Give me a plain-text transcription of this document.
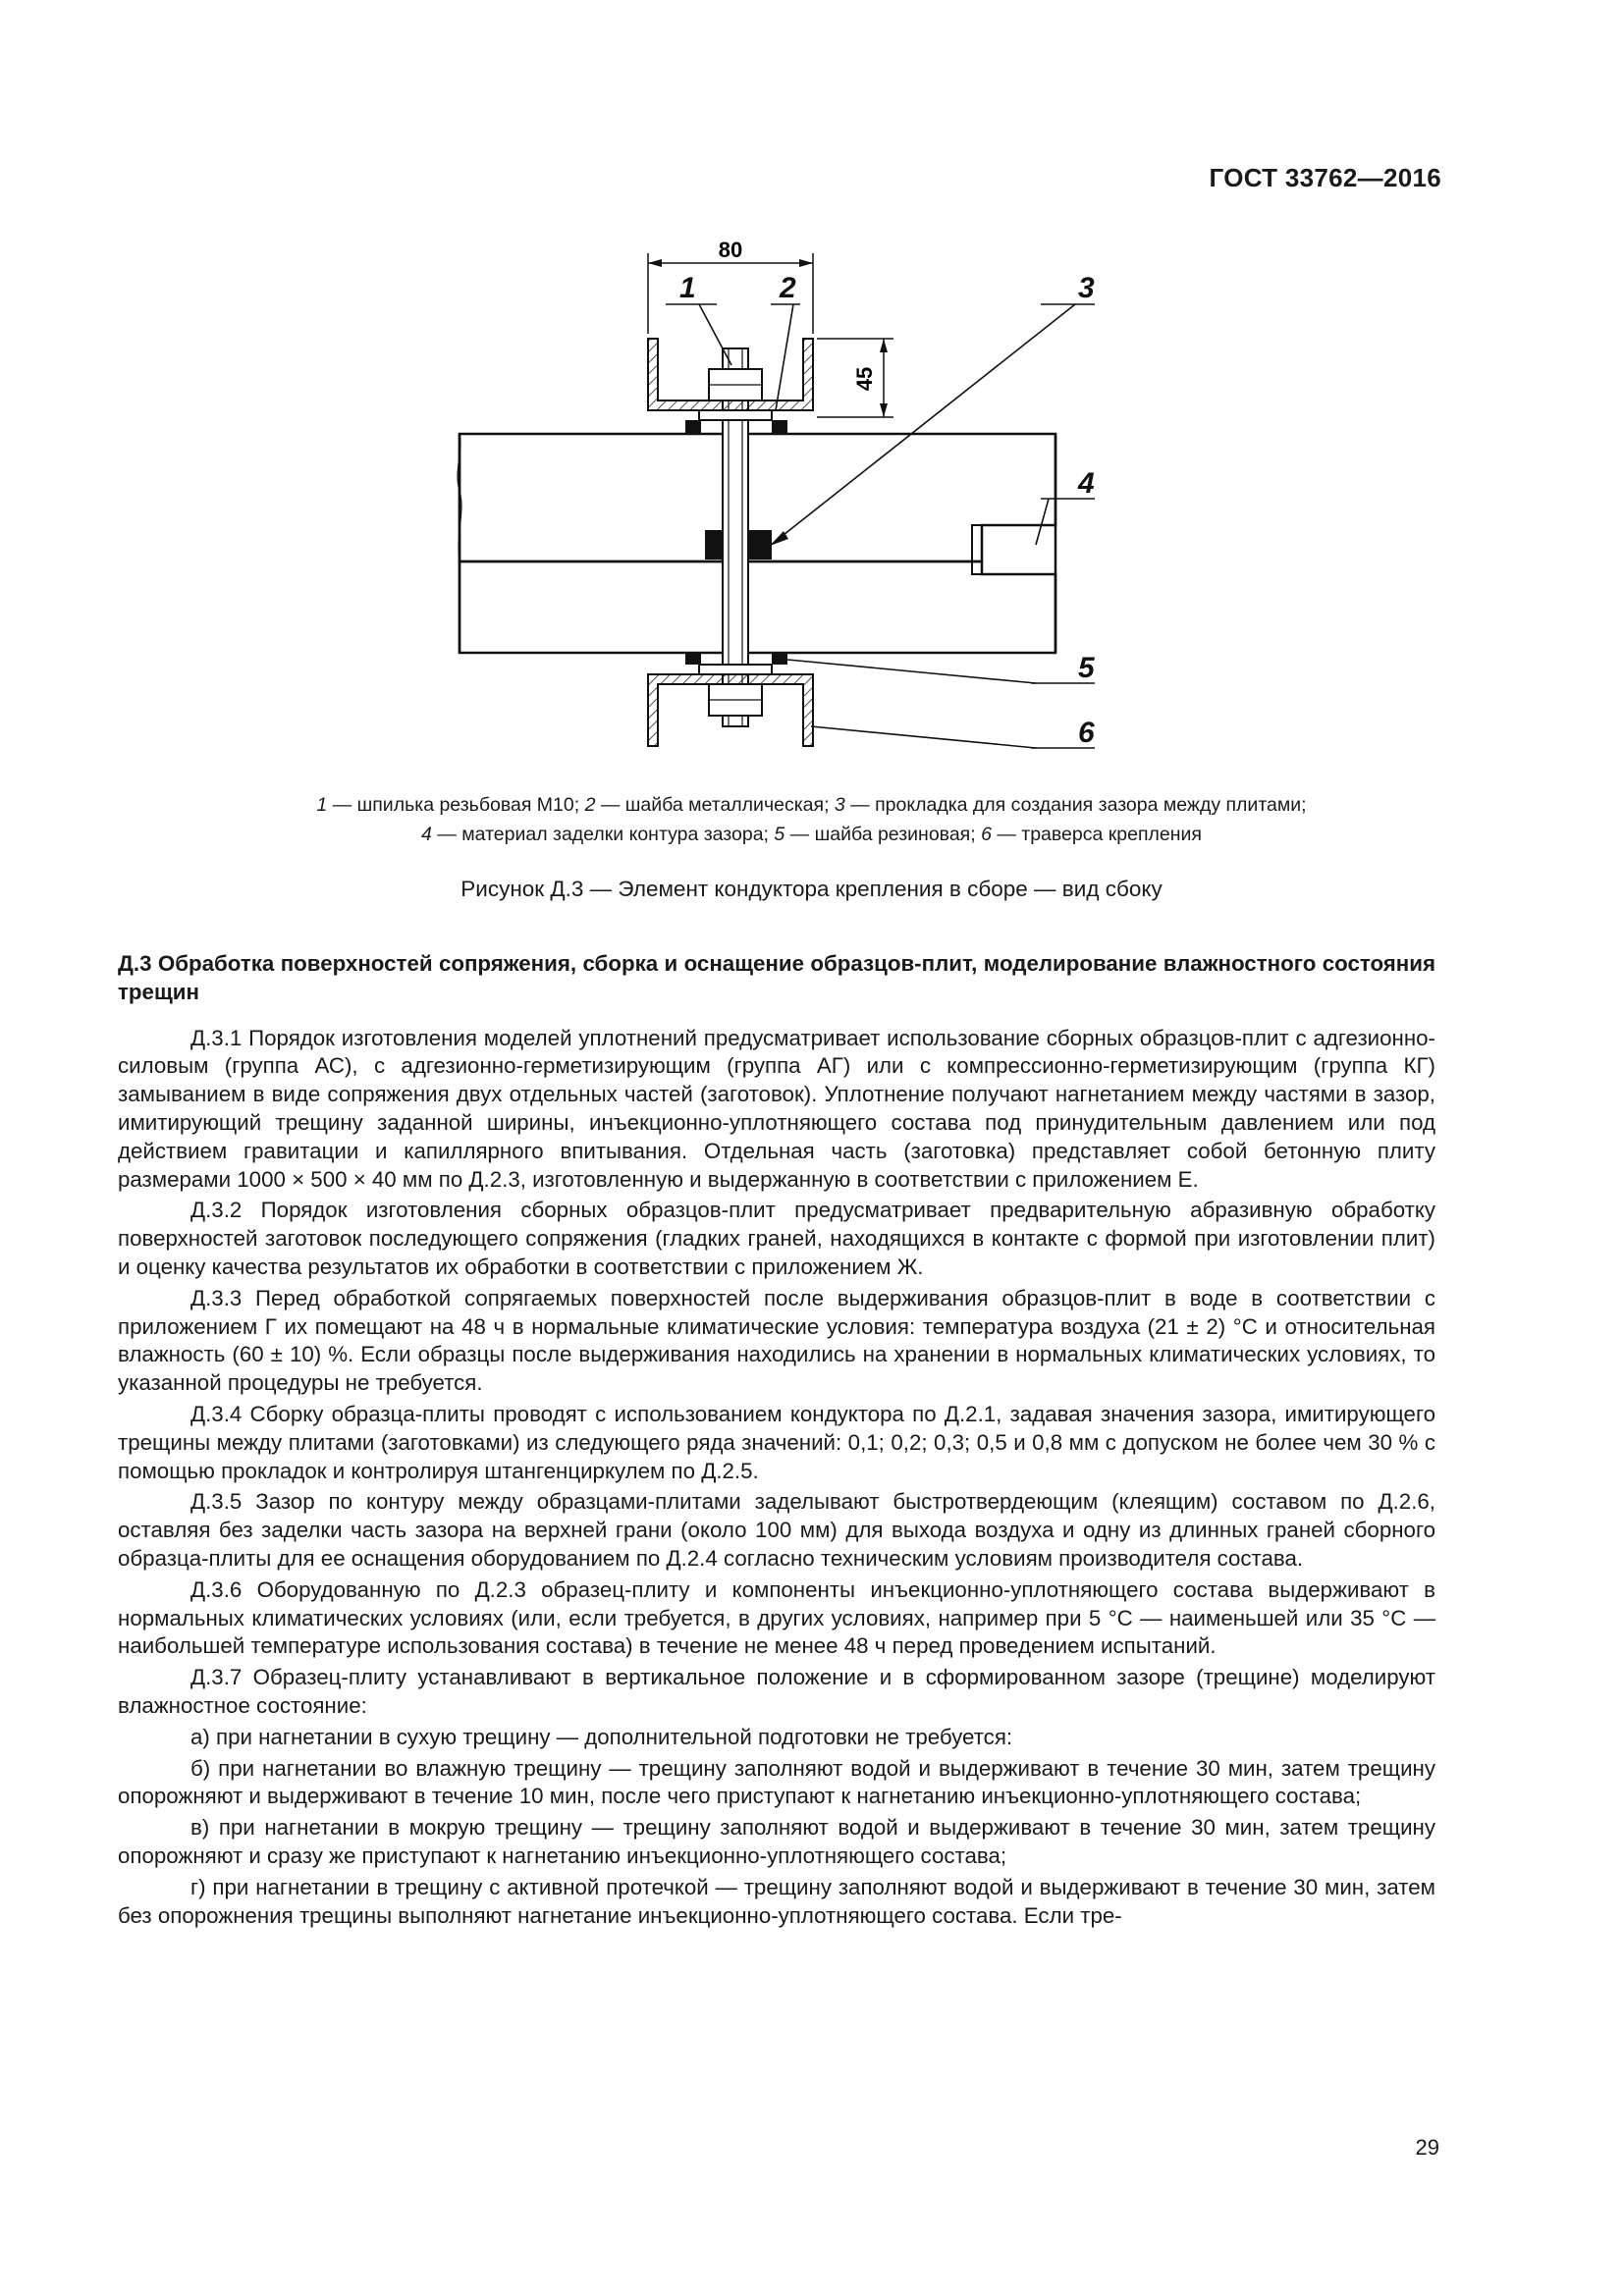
ГОСТ 33762—2016
80
45
1	2	3
4
5
6
1 — шпилька резьбовая М10; 2 — шайба металлическая; 3 — прокладка для создания зазора между плитами;
4 — материал заделки контура зазора; 5 — шайба резиновая; 6 — траверса крепления
Рисунок Д.3 — Элемент кондуктора крепления в сборе — вид сбоку

Д.3 Обработка поверхностей сопряжения, сборка и оснащение образцов-плит, моделирование влажностного состояния трещин

Д.3.1 Порядок изготовления моделей уплотнений предусматривает использование сборных образцов-плит с адгезионно-силовым (группа АС), с адгезионно-герметизирующим (группа АГ) или с компрессионно-герметизирующим (группа КГ) замыванием в виде сопряжения двух отдельных частей (заготовок). Уплотнение получают нагнетанием между частями в зазор, имитирующий трещину заданной ширины, инъекционно-уплотняющего состава под принудительным давлением или под действием гравитации и капиллярного впитывания. Отдельная часть (заготовка) представляет собой бетонную плиту размерами 1000 × 500 × 40 мм по Д.2.3, изготовленную и выдержанную в соответствии с приложением Е.

Д.3.2 Порядок изготовления сборных образцов-плит предусматривает предварительную абразивную обработку поверхностей заготовок последующего сопряжения (гладких граней, находящихся в контакте с формой при изготовлении плит) и оценку качества результатов их обработки в соответствии с приложением Ж.

Д.3.3 Перед обработкой сопрягаемых поверхностей после выдерживания образцов-плит в воде в соответствии с приложением Г их помещают на 48 ч в нормальные климатические условия: температура воздуха (21 ± 2) °С и относительная влажность (60 ± 10) %. Если образцы после выдерживания находились на хранении в нормальных климатических условиях, то указанной процедуры не требуется.

Д.3.4 Сборку образца-плиты проводят с использованием кондуктора по Д.2.1, задавая значения зазора, имитирующего трещины между плитами (заготовками) из следующего ряда значений: 0,1; 0,2; 0,3; 0,5 и 0,8 мм с допуском не более чем 30 % с помощью прокладок и контролируя штангенциркулем по Д.2.5.

Д.3.5 Зазор по контуру между образцами-плитами заделывают быстротвердеющим (клеящим) составом по Д.2.6, оставляя без заделки часть зазора на верхней грани (около 100 мм) для выхода воздуха и одну из длинных граней сборного образца-плиты для ее оснащения оборудованием по Д.2.4 согласно техническим условиям производителя состава.

Д.3.6 Оборудованную по Д.2.3 образец-плиту и компоненты инъекционно-уплотняющего состава выдерживают в нормальных климатических условиях (или, если требуется, в других условиях, например при 5 °С — наименьшей или 35 °С — наибольшей температуре использования состава) в течение не менее 48 ч перед проведением испытаний.

Д.3.7 Образец-плиту устанавливают в вертикальное положение и в сформированном зазоре (трещине) моделируют влажностное состояние:

а) при нагнетании в сухую трещину — дополнительной подготовки не требуется:

б) при нагнетании во влажную трещину — трещину заполняют водой и выдерживают в течение 30 мин, затем трещину опорожняют и выдерживают в течение 10 мин, после чего приступают к нагнетанию инъекционно-уплотняющего состава;

в) при нагнетании в мокрую трещину — трещину заполняют водой и выдерживают в течение 30 мин, затем трещину опорожняют и сразу же приступают к нагнетанию инъекционно-уплотняющего состава;

г) при нагнетании в трещину с активной протечкой — трещину заполняют водой и выдерживают в течение 30 мин, затем без опорожнения трещины выполняют нагнетание инъекционно-уплотняющего состава. Если тре-

29
